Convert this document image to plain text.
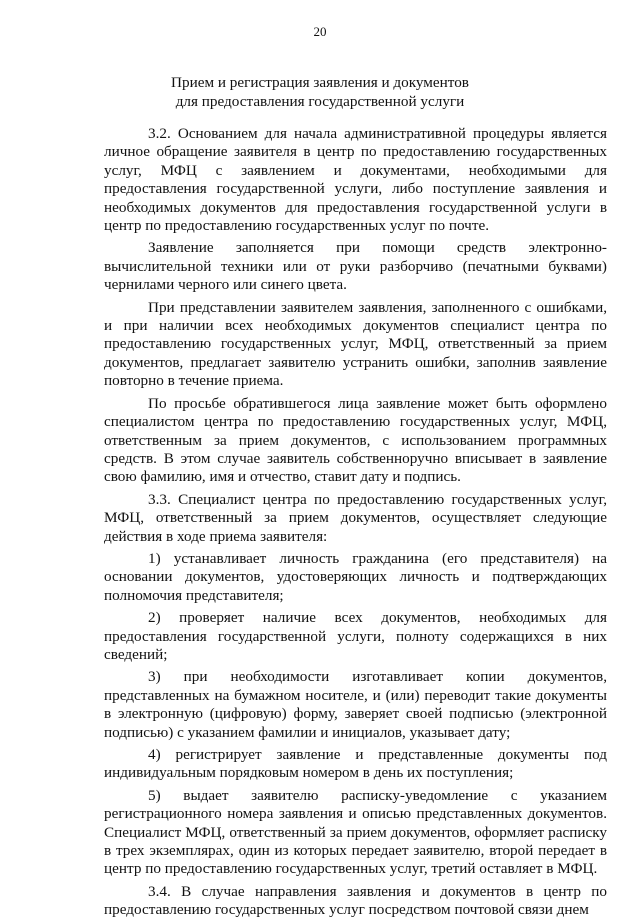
20
Прием и регистрация заявления и документов
для предоставления государственной услуги

3.2. Основанием для начала административной процедуры является личное обращение заявителя в центр по предоставлению государственных услуг, МФЦ с заявлением и документами, необходимыми для предоставления государственной услуги, либо поступление заявления и необходимых документов для предоставления государственной услуги в центр по предоставлению государственных услуг по почте.

Заявление заполняется при помощи средств электронно-вычислительной техники или от руки разборчиво (печатными буквами) чернилами черного или синего цвета.

При представлении заявителем заявления, заполненного с ошибками, и при наличии всех необходимых документов специалист центра по предоставлению государственных услуг, МФЦ, ответственный за прием документов, предлагает заявителю устранить ошибки, заполнив заявление повторно в течение приема.

По просьбе обратившегося лица заявление может быть оформлено специалистом центра по предоставлению государственных услуг, МФЦ, ответственным за прием документов, с использованием программных средств. В этом случае заявитель собственноручно вписывает в заявление свою фамилию, имя и отчество, ставит дату и подпись.

3.3. Специалист центра по предоставлению государственных услуг, МФЦ, ответственный за прием документов, осуществляет следующие действия в ходе приема заявителя:

1) устанавливает личность гражданина (его представителя) на основании документов, удостоверяющих личность и подтверждающих полномочия представителя;

2) проверяет наличие всех документов, необходимых для предоставления государственной услуги, полноту содержащихся в них сведений;

3) при необходимости изготавливает копии документов, представленных на бумажном носителе, и (или) переводит такие документы в электронную (цифровую) форму, заверяет своей подписью (электронной подписью) с указанием фамилии и инициалов, указывает дату;

4) регистрирует заявление и представленные документы под индивидуальным порядковым номером в день их поступления;

5) выдает заявителю расписку-уведомление с указанием регистрационного номера заявления и описью представленных документов. Специалист МФЦ, ответственный за прием документов, оформляет расписку в трех экземплярах, один из которых передает заявителю, второй передает в центр по предоставлению государственных услуг, третий оставляет в МФЦ.

3.4. В случае направления заявления и документов в центр по предоставлению государственных услуг посредством почтовой связи днем
